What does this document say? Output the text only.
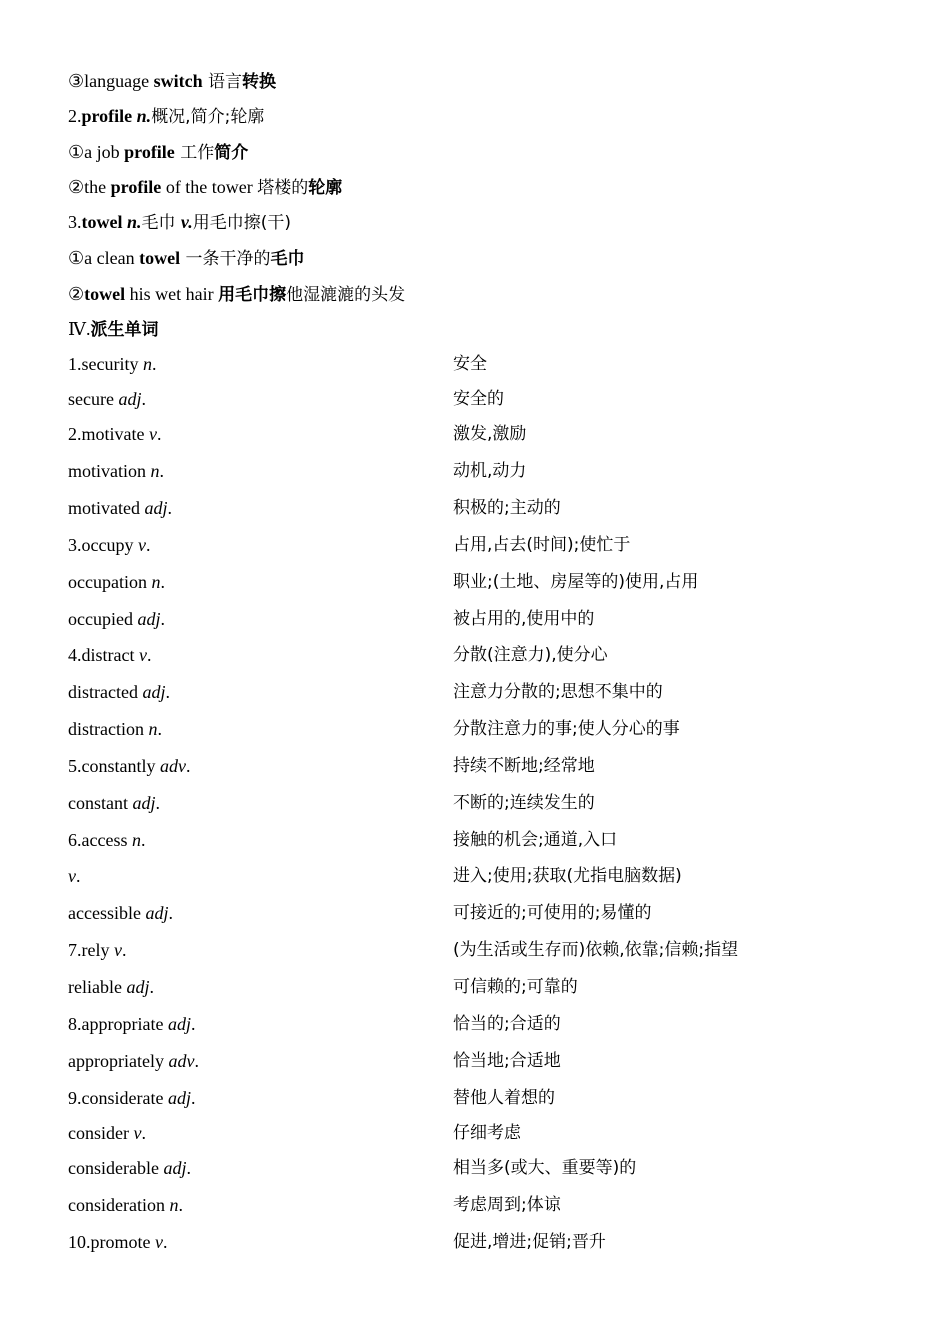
③language switch 语言转换
2.profile n.概况,简介;轮廓
①a job profile 工作简介
②the profile of the tower 塔楼的轮廓
3.towel n.毛巾 v.用毛巾擦(干)
①a clean towel 一条干净的毛巾
②towel his wet hair 用毛巾擦他湿漉漉的头发
Ⅳ.派生单词
1.security n.	安全
secure adj.	安全的
2.motivate v.	激发,激励
motivation n.	动机,动力
motivated adj.	积极的;主动的
3.occupy v.	占用,占去(时间);使忙于
occupation n.	职业;(土地、房屋等的)使用,占用
occupied adj.	被占用的,使用中的
4.distract v.	分散(注意力),使分心
distracted adj.	注意力分散的;思想不集中的
distraction n.	分散注意力的事;使人分心的事
5.constantly adv.	持续不断地;经常地
constant adj.	不断的;连续发生的
6.access n.	接触的机会;通道,入口
v.	进入;使用;获取(尤指电脑数据)
accessible adj.	可接近的;可使用的;易懂的
7.rely v.	(为生活或生存而)依赖,依靠;信赖;指望
reliable adj.	可信赖的;可靠的
8.appropriate adj.	恰当的;合适的
appropriately adv.	恰当地;合适地
9.considerate adj.	替他人着想的
consider v.	仔细考虑
considerable adj.	相当多(或大、重要等)的
consideration n.	考虑周到;体谅
10.promote v.	促进,增进;促销;晋升
